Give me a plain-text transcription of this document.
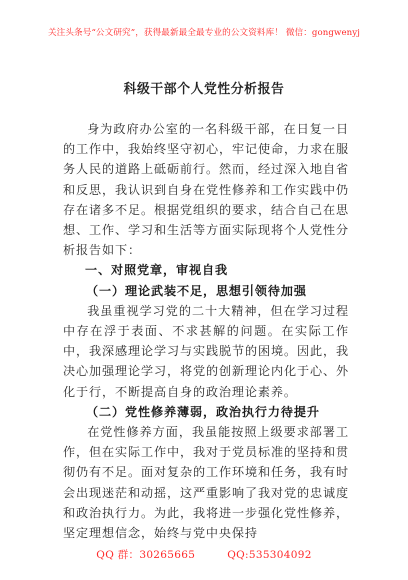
关注头条号“公文研究”，获得最新最全最专业的公文资料库！ 微信：gongwenyj
科级干部个人党性分析报告

身为政府办公室的一名科级干部，在日复一日的工作中，我始终坚守初心，牢记使命，力求在服务人民的道路上砥砺前行。然而，经过深入地自省和反思，我认识到自身在党性修养和工作实践中仍存在诸多不足。根据党组织的要求，结合自己在思想、工作、学习和生活等方面实际现将个人党性分析报告如下：

一、对照党章，审视自我

（一）理论武装不足，思想引领待加强

我虽重视学习党的二十大精神，但在学习过程中存在浮于表面、不求甚解的问题。在实际工作中，我深感理论学习与实践脱节的困境。因此，我决心加强理论学习，将党的创新理论内化于心、外化于行，不断提高自身的政治理论素养。

（二）党性修养薄弱，政治执行力待提升

在党性修养方面，我虽能按照上级要求部署工作，但在实际工作中，我对于党员标准的坚持和贯彻仍有不足。面对复杂的工作环境和任务，我有时会出现迷茫和动摇，这严重影响了我对党的忠诚度和政治执行力。为此，我将进一步强化党性修养，坚定理想信念，始终与党中央保持

QQ 群：30265665	QQ:535304092
